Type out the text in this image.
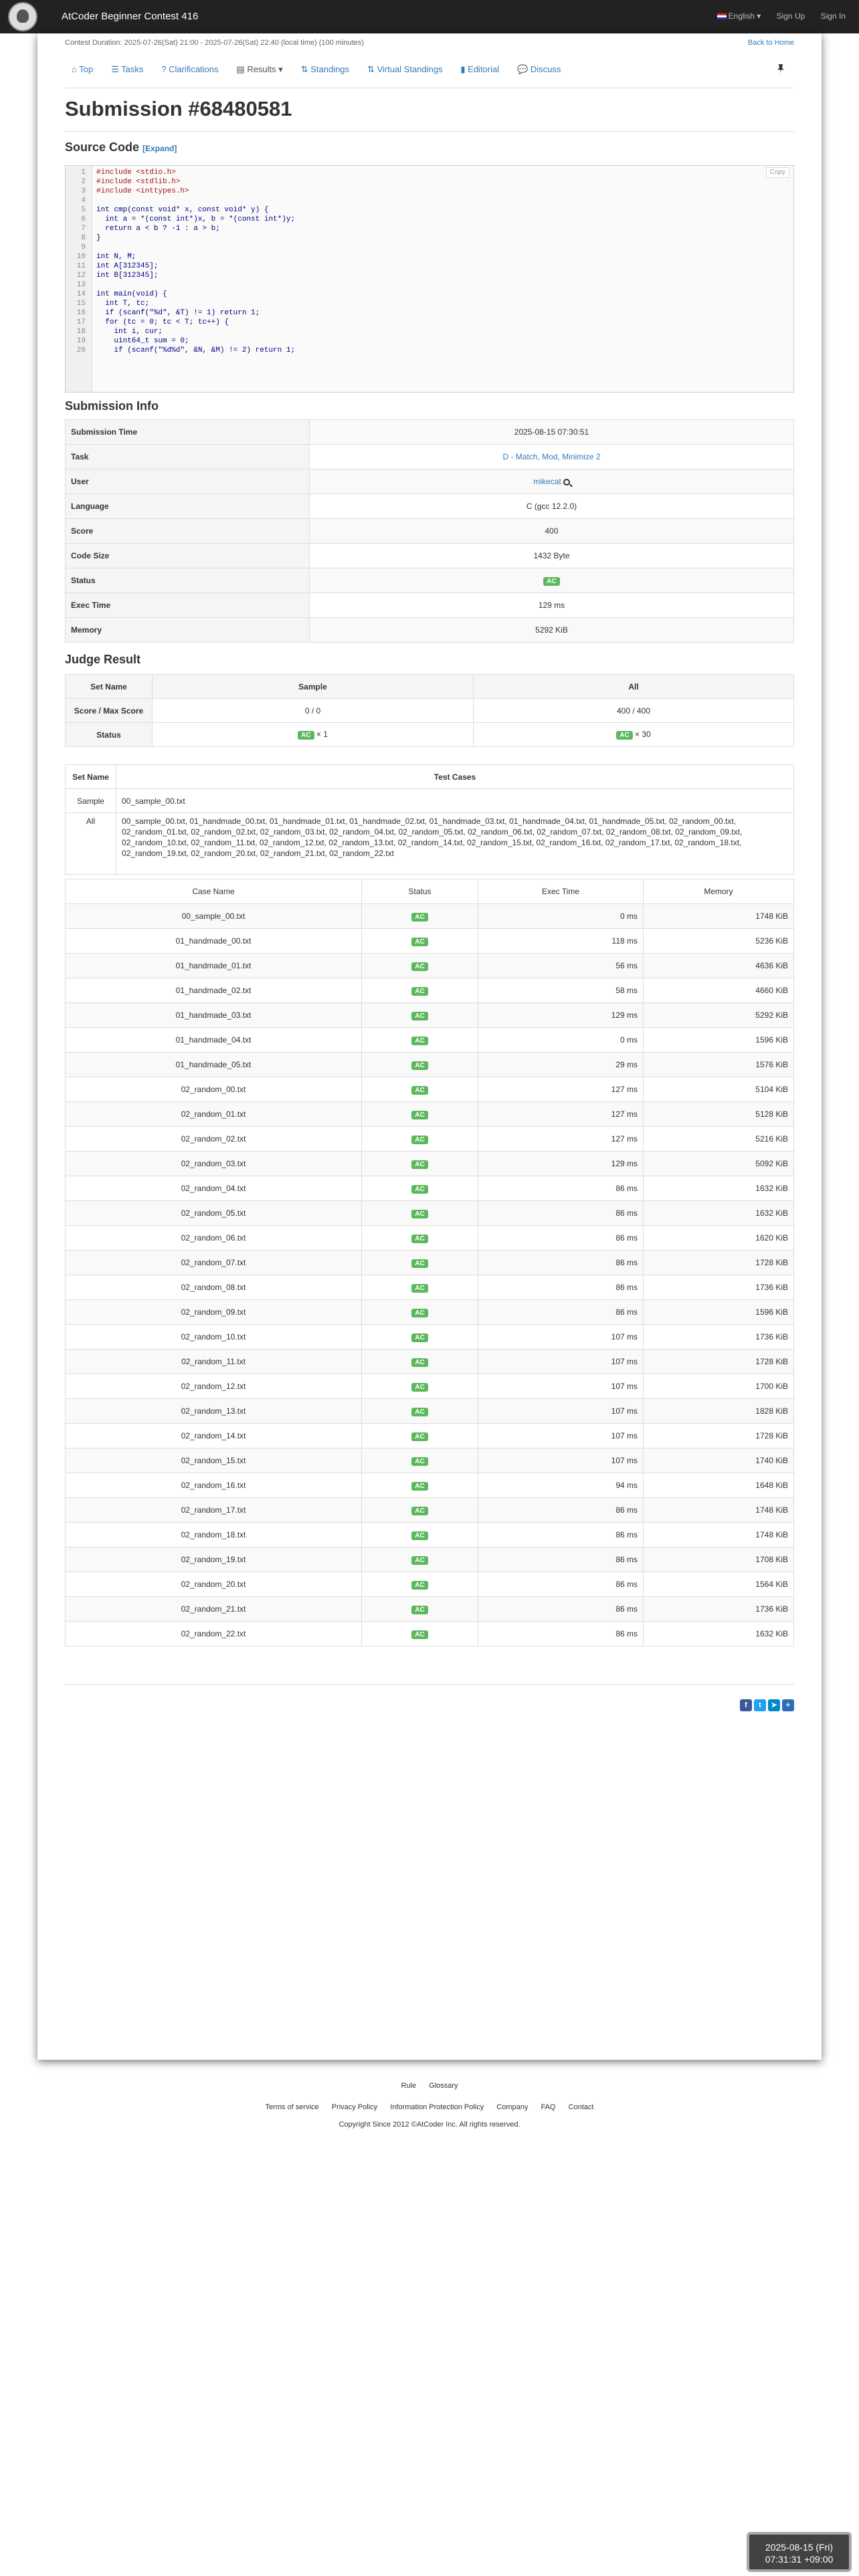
AtCoder Beginner Contest 416	English ▾ Sign Up Sign In
Contest Duration: 2025-07-26(Sat) 21:00 - 2025-07-26(Sat) 22:40 (local time) (100 minutes)	Back to Home
⌂ Top ☰ Tasks ? Clarifications ▤ Results ▾ ⇅ Standings ⇅ Virtual Standings ▮ Editorial 💬 Discuss
Submission #68480581
Source Code [Expand]
1	#include <stdio.h>
2	#include <stdlib.h>
3	#include <inttypes.h>
4
5	int cmp(const void* x, const void* y) {
6	int a = *(const int*)x, b = *(const int*)y;
7	return a < b ? -1 : a > b;
8	}
9
10	int N, M;
11	int A[312345];
12	int B[312345];
13
14	int main(void) {
15	int T, tc;
16	if (scanf("%d", &T) != 1) return 1;
17	for (tc = 0; tc < T; tc++) {
18	int i, cur;
19	uint64_t sum = 0;
20	if (scanf("%d%d", &N, &M) != 2) return 1;
Copy
Submission Info
Submission Time	2025-08-15 07:30:51
Task	D - Match, Mod, Minimize 2
User	mikecat
Language	C (gcc 12.2.0)
Score	400
Code Size	1432 Byte
Status	AC
Exec Time	129 ms
Memory	5292 KiB
Judge Result
Set Name	Sample	All
Score / Max Score	0 / 0	400 / 400
Status	AC × 1	AC × 30
Set Name	Test Cases
Sample	00_sample_00.txt
All	00_sample_00.txt, 01_handmade_00.txt, 01_handmade_01.txt, 01_handmade_02.txt, 01_handmade_03.txt, 01_handmade_04.txt, 01_handmade_05.txt, 02_random_00.txt, 02_random_01.txt, 02_random_02.txt, 02_random_03.txt, 02_random_04.txt, 02_random_05.txt, 02_random_06.txt, 02_random_07.txt, 02_random_08.txt, 02_random_09.txt, 02_random_10.txt, 02_random_11.txt, 02_random_12.txt, 02_random_13.txt, 02_random_14.txt, 02_random_15.txt, 02_random_16.txt, 02_random_17.txt, 02_random_18.txt, 02_random_19.txt, 02_random_20.txt, 02_random_21.txt, 02_random_22.txt
Case Name	Status	Exec Time	Memory
00_sample_00.txt	AC	0 ms	1748 KiB
01_handmade_00.txt	AC	118 ms	5236 KiB
01_handmade_01.txt	AC	56 ms	4636 KiB
01_handmade_02.txt	AC	58 ms	4660 KiB
01_handmade_03.txt	AC	129 ms	5292 KiB
01_handmade_04.txt	AC	0 ms	1596 KiB
01_handmade_05.txt	AC	29 ms	1576 KiB
02_random_00.txt	AC	127 ms	5104 KiB
02_random_01.txt	AC	127 ms	5128 KiB
02_random_02.txt	AC	127 ms	5216 KiB
02_random_03.txt	AC	129 ms	5092 KiB
02_random_04.txt	AC	86 ms	1632 KiB
02_random_05.txt	AC	86 ms	1632 KiB
02_random_06.txt	AC	86 ms	1620 KiB
02_random_07.txt	AC	86 ms	1728 KiB
02_random_08.txt	AC	86 ms	1736 KiB
02_random_09.txt	AC	86 ms	1596 KiB
02_random_10.txt	AC	107 ms	1736 KiB
02_random_11.txt	AC	107 ms	1728 KiB
02_random_12.txt	AC	107 ms	1700 KiB
02_random_13.txt	AC	107 ms	1828 KiB
02_random_14.txt	AC	107 ms	1728 KiB
02_random_15.txt	AC	107 ms	1740 KiB
02_random_16.txt	AC	94 ms	1648 KiB
02_random_17.txt	AC	86 ms	1748 KiB
02_random_18.txt	AC	86 ms	1748 KiB
02_random_19.txt	AC	86 ms	1708 KiB
02_random_20.txt	AC	86 ms	1564 KiB
02_random_21.txt	AC	86 ms	1736 KiB
02_random_22.txt	AC	86 ms	1632 KiB
f t ➤ +
Rule Glossary
Terms of service Privacy Policy Information Protection Policy Company FAQ Contact
Copyright Since 2012 ©AtCoder Inc. All rights reserved.
2025-08-15 (Fri)
07:31:31 +09:00
